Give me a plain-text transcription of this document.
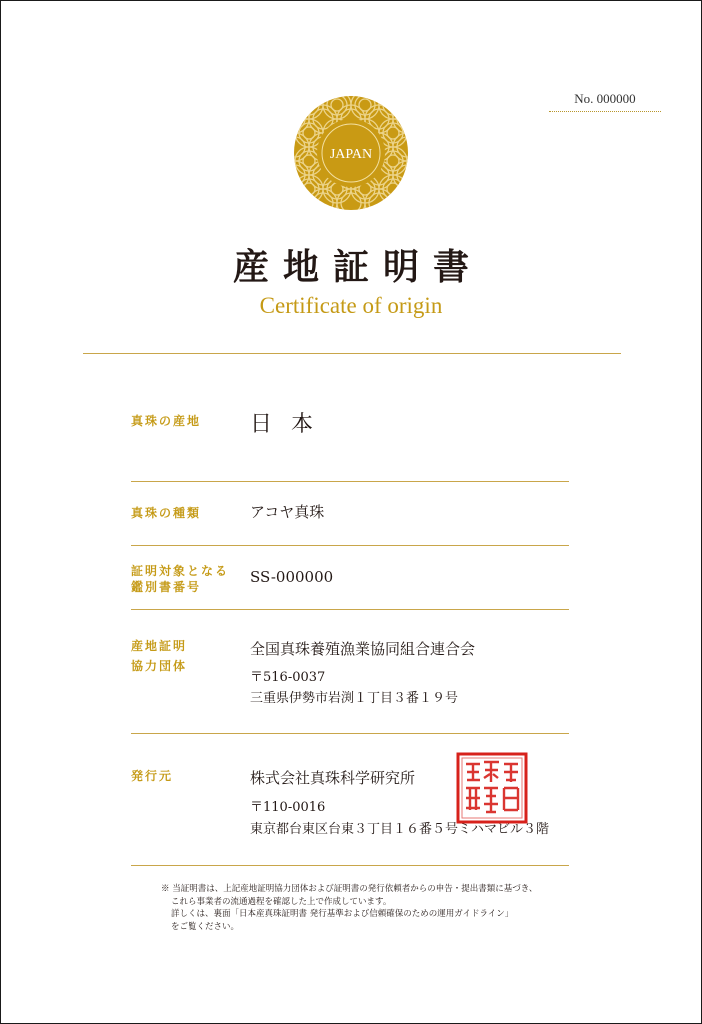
No. 000000
JAPAN
産地証明書
Certificate of origin
真珠の産地 日 本
真珠の種類	アコヤ真珠
証明対象となる
鑑別書番号
SS-000000
産地証明
協力団体
全国真珠養殖漁業協同組合連合会
〒516-0037
三重県伊勢市岩渕１丁目３番１９号
発行元	株式会社真珠科学研究所
〒110-0016
東京都台東区台東３丁目１６番５号ミハマビル３階
※ 当証明書は、上記産地証明協力団体および証明書の発行依頼者からの申告・提出書類に基づき、
これら事業者の流通過程を確認した上で作成しています。
詳しくは、裏面「日本産真珠証明書 発行基準および信頼確保のための運用ガイドライン」
をご覧ください。
